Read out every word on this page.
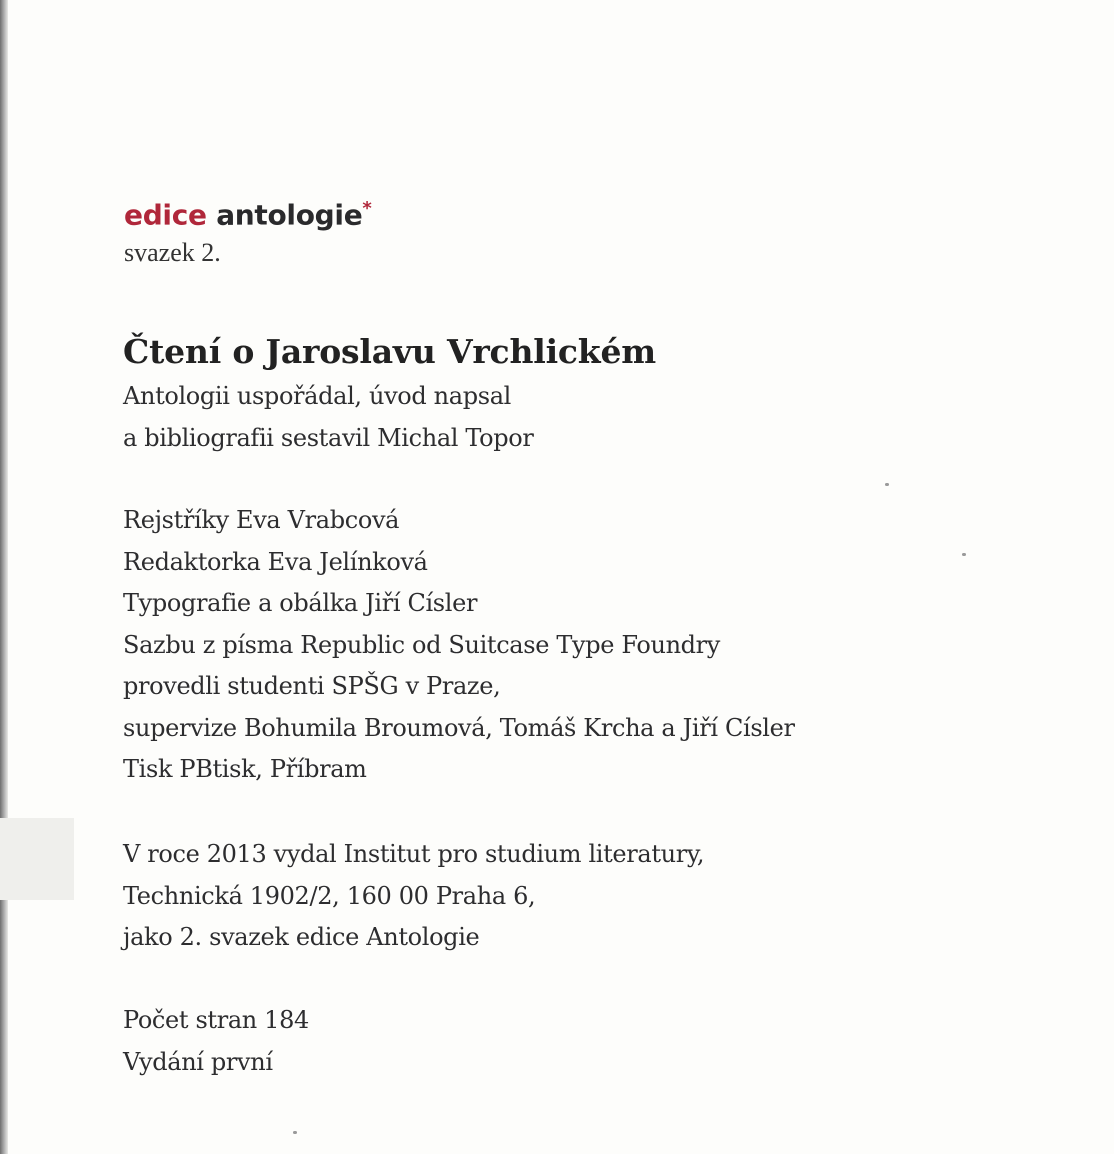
edice antologie*
svazek 2.
Čtení o Jaroslavu Vrchlickém
Antologii uspořádal, úvod napsal
a bibliografii sestavil Michal Topor
Rejstříky Eva Vrabcová
Redaktorka Eva Jelínková
Typografie a obálka Jiří Císler
Sazbu z písma Republic od Suitcase Type Foundry
provedli studenti SPŠG v Praze,
supervize Bohumila Broumová, Tomáš Krcha a Jiří Císler
Tisk PBtisk, Příbram
V roce 2013 vydal Institut pro studium literatury,
Technická 1902/2, 160 00 Praha 6,
jako 2. svazek edice Antologie
Počet stran 184
Vydání první
